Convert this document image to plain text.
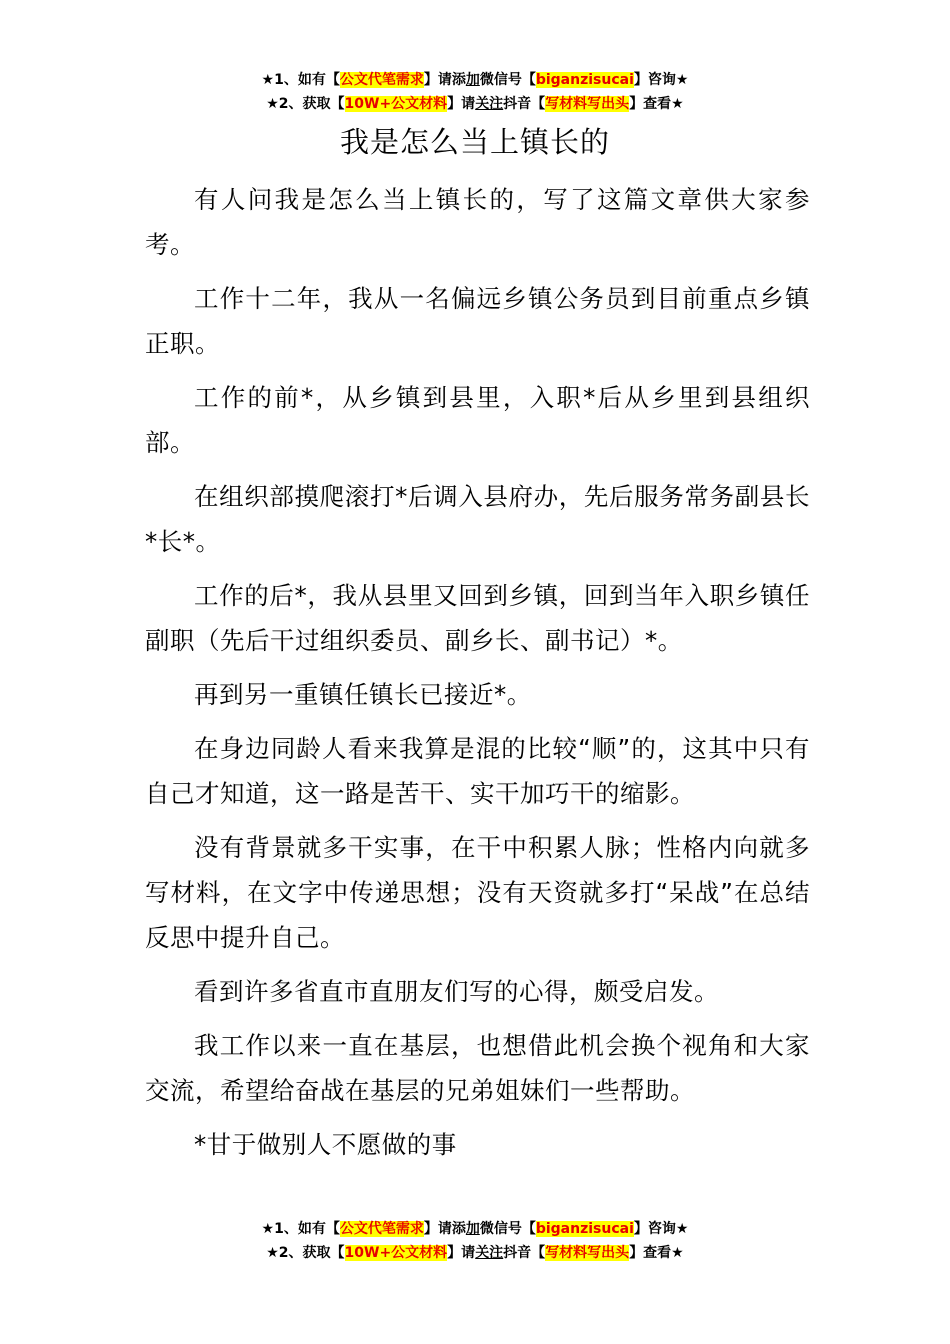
★1、如有【公文代笔需求】请添加微信号【biganzisucai】咨询★
★2、获取【10W+公文材料】请关注抖音【写材料写出头】查看★
我是怎么当上镇长的

有人问我是怎么当上镇长的，写了这篇文章供大家参考。

工作十二年，我从一名偏远乡镇公务员到目前重点乡镇正职。

工作的前*，从乡镇到县里，入职*后从乡里到县组织部。

在组织部摸爬滚打*后调入县府办，先后服务常务副县长*长*。

工作的后*，我从县里又回到乡镇，回到当年入职乡镇任副职（先后干过组织委员、副乡长、副书记）*。

再到另一重镇任镇长已接近*。

在身边同龄人看来我算是混的比较“顺”的，这其中只有自己才知道，这一路是苦干、实干加巧干的缩影。

没有背景就多干实事，在干中积累人脉；性格内向就多写材料，在文字中传递思想；没有天资就多打“呆战”在总结反思中提升自己。

看到许多省直市直朋友们写的心得，颇受启发。

我工作以来一直在基层，也想借此机会换个视角和大家交流，希望给奋战在基层的兄弟姐妹们一些帮助。

*甘于做别人不愿做的事

★1、如有【公文代笔需求】请添加微信号【biganzisucai】咨询★
★2、获取【10W+公文材料】请关注抖音【写材料写出头】查看★
